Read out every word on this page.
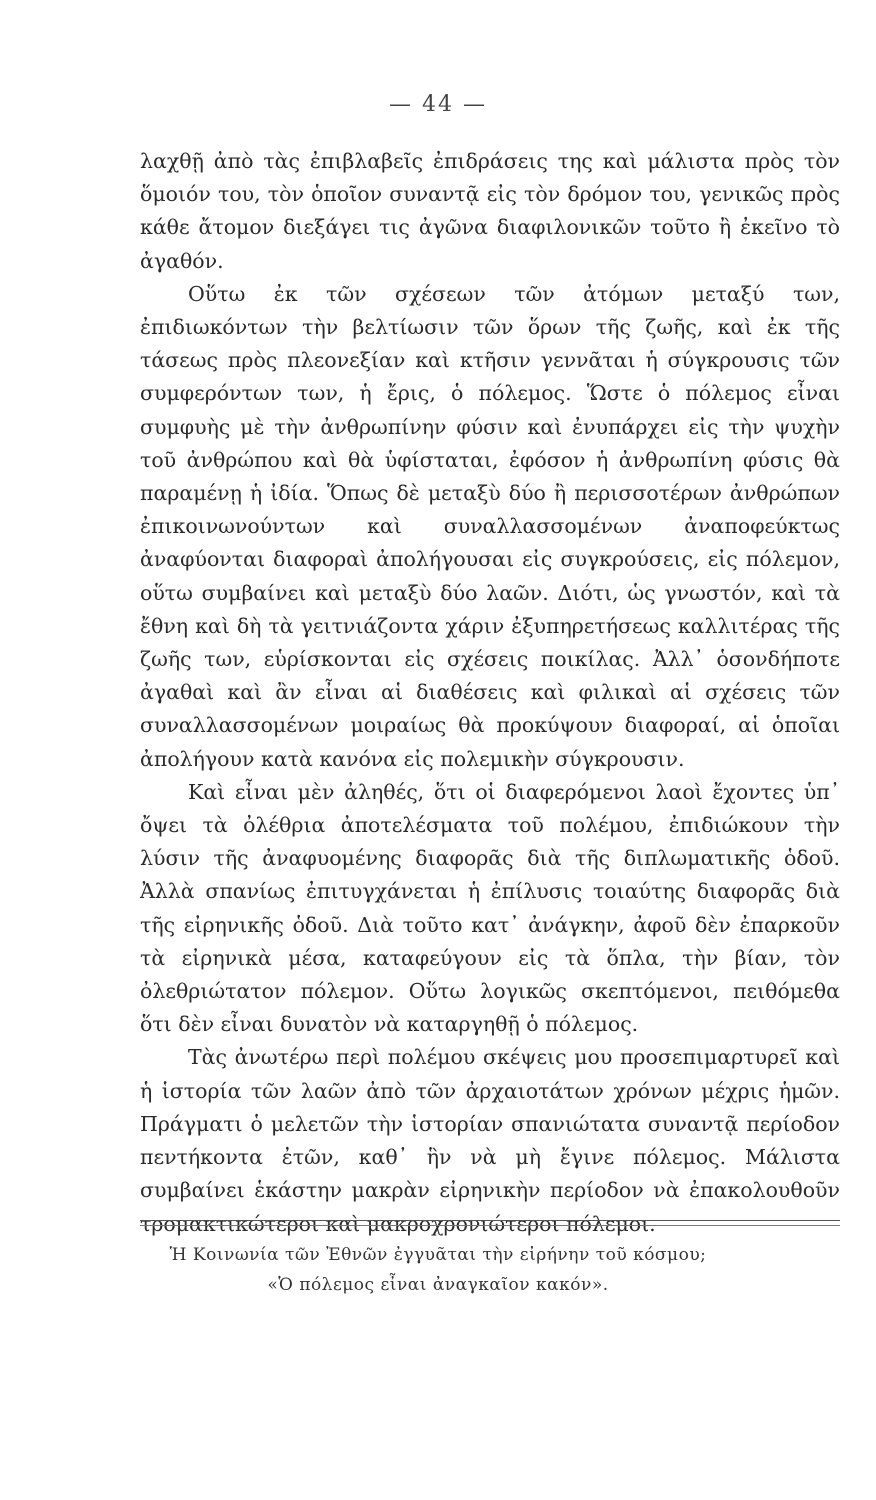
— 44 —

λαχθῇ ἀπὸ τὰς ἐπιβλαβεῖς ἐπιδράσεις της καὶ μάλιστα πρὸς τὸν ὅμοιόν του, τὸν ὁποῖον συναντᾷ εἰς τὸν δρόμον του, γενικῶς πρὸς κάθε ἄτομον διεξάγει τις ἀγῶνα διαφιλονικῶν τοῦτο ἢ ἐκεῖνο τὸ ἀγαθόν.

Οὕτω ἐκ τῶν σχέσεων τῶν ἀτόμων μεταξύ των, ἐπιδιωκόντων τὴν βελτίωσιν τῶν ὅρων τῆς ζωῆς, καὶ ἐκ τῆς τάσεως πρὸς πλεονεξίαν καὶ κτῆσιν γεννᾶται ἡ σύγκρουσις τῶν συμφερόντων των, ἡ ἔρις, ὁ πόλεμος. Ὥστε ὁ πόλεμος εἶναι συμφυὴς μὲ τὴν ἀνθρωπίνην φύσιν καὶ ἐνυπάρχει εἰς τὴν ψυχὴν τοῦ ἀνθρώπου καὶ θὰ ὑφίσταται, ἐφόσον ἡ ἀνθρωπίνη φύσις θὰ παραμένῃ ἡ ἰδία. Ὅπως δὲ μεταξὺ δύο ἢ περισσοτέρων ἀνθρώπων ἐπικοινωνούντων καὶ συναλλασσομένων ἀναποφεύκτως ἀναφύονται διαφοραὶ ἀπολήγουσαι εἰς συγκρούσεις, εἰς πόλεμον, οὕτω συμβαίνει καὶ μεταξὺ δύο λαῶν. Διότι, ὡς γνωστόν, καὶ τὰ ἔθνη καὶ δὴ τὰ γειτνιάζοντα χάριν ἐξυπηρετήσεως καλλιτέρας τῆς ζωῆς των, εὑρίσκονται εἰς σχέσεις ποικίλας. Ἀλλ᾽ ὁσονδήποτε ἀγαθαὶ καὶ ἂν εἶναι αἱ διαθέσεις καὶ φιλικαὶ αἱ σχέσεις τῶν συναλλασσομένων μοιραίως θὰ προκύψουν διαφοραί, αἱ ὁποῖαι ἀπολήγουν κατὰ κανόνα εἰς πολεμικὴν σύγκρουσιν.

Καὶ εἶναι μὲν ἀληθές, ὅτι οἱ διαφερόμενοι λαοὶ ἔχοντες ὑπ᾽ ὄψει τὰ ὀλέθρια ἀποτελέσματα τοῦ πολέμου, ἐπιδιώκουν τὴν λύσιν τῆς ἀναφυομένης διαφορᾶς διὰ τῆς διπλωματικῆς ὁδοῦ. Ἀλλὰ σπανίως ἐπιτυγχάνεται ἡ ἐπίλυσις τοιαύτης διαφορᾶς διὰ τῆς εἰρηνικῆς ὁδοῦ. Διὰ τοῦτο κατ᾽ ἀνάγκην, ἀφοῦ δὲν ἐπαρκοῦν τὰ εἰρηνικὰ μέσα, καταφεύγουν εἰς τὰ ὅπλα, τὴν βίαν, τὸν ὀλεθριώτατον πόλεμον. Οὕτω λογικῶς σκεπτόμενοι, πειθόμεθα ὅτι δὲν εἶναι δυνατὸν νὰ καταργηθῇ ὁ πόλεμος.

Τὰς ἀνωτέρω περὶ πολέμου σκέψεις μου προσεπιμαρτυρεῖ καὶ ἡ ἱστορία τῶν λαῶν ἀπὸ τῶν ἀρχαιοτάτων χρόνων μέχρις ἡμῶν. Πράγματι ὁ μελετῶν τὴν ἱστορίαν σπανιώτατα συναντᾷ περίοδον πεντήκοντα ἐτῶν, καθ᾽ ἣν νὰ μὴ ἔγινε πόλεμος. Μάλιστα συμβαίνει ἑκάστην μακρὰν εἰρηνικὴν περίοδον νὰ ἐπακολουθοῦν τρομακτικώτεροι καὶ μακροχρονιώτεροι πόλεμοι.

Ἡ Κοινωνία τῶν Ἐθνῶν ἐγγυᾶται τὴν εἰρήνην τοῦ κόσμου;
«Ὁ πόλεμος εἶναι ἀναγκαῖον κακόν».
